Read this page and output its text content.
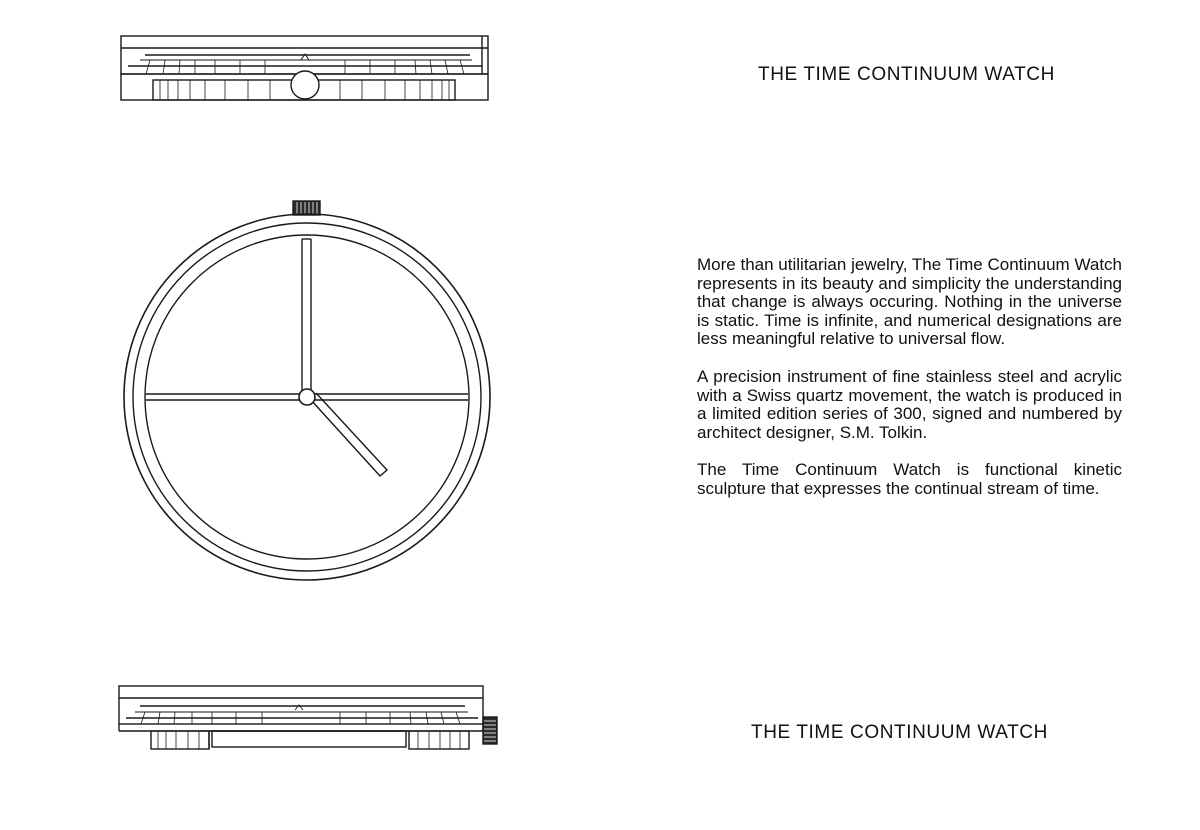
THE TIME CONTINUUM WATCH

More than utilitarian jewelry, The Time Continuum Watch represents in its beauty and simplicity the understanding that change is always occuring. Nothing in the universe is static. Time is infinite, and numerical designations are less meaningful relative to universal flow.

A precision instrument of fine stainless steel and acrylic with a Swiss quartz movement, the watch is produced in a limited edition series of 300, signed and numbered by architect designer, S.M. Tolkin.

The Time Continuum Watch is functional kinetic sculpture that expresses the continual stream of time.

THE TIME CONTINUUM WATCH
